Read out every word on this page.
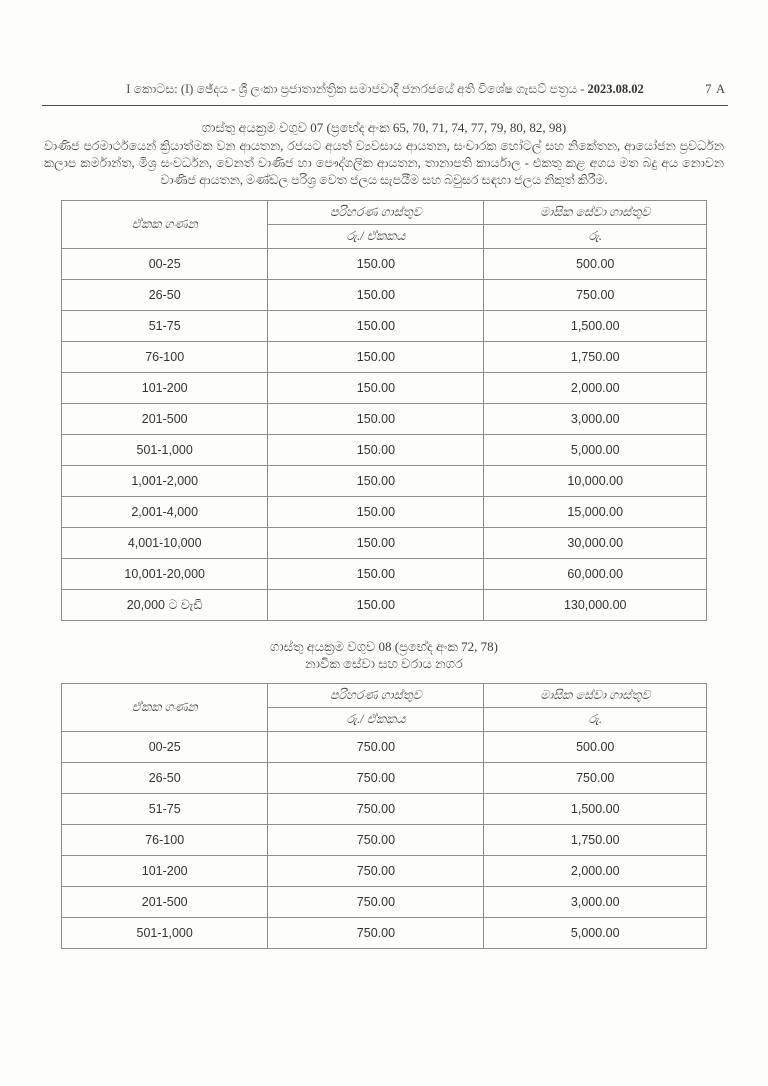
I කොටස: (I) ඡේදය - ශ්‍රී ලංකා ප්‍රජාතාන්ත්‍රික සමාජවාදී ජනරජයේ අති විශේෂ ගැසට් පත්‍රය - 2023.08.02	7 A
ගාස්තු අයක්‍රම වගුව 07 (ප්‍රභේද අංක 65, 70, 71, 74, 77, 79, 80, 82, 98)
වාණිජ පරමාර්ථයෙන් ක්‍රියාත්මක වන ආයතන, රජයට අයත් ව්‍යවසාය ආයතන, සංචාරක හෝටල් සහ නිකේතන, ආයෝජන ප්‍රවර්ධන කලාප කර්මාන්ත, මිශ්‍ර සංවර්ධන, වෙනත් වාණිජ හා පෞද්ගලික ආයතන, තානාපති කාර්යාල - එකතු කළ අගය මත බදු අය නොවන වාණිජ ආයතන, මණ්ඩල පරිශ්‍ර වෙත ජලය සැපයීම සහ බවුසර සඳහා ජලය නිකුත් කිරීම.
ඒකක ගණන	පරිහරණ ගාස්තුව	මාසික සේවා ගාස්තුව
	රු./ ඒකකය	රු.
00-25	150.00	500.00
26-50	150.00	750.00
51-75	150.00	1,500.00
76-100	150.00	1,750.00
101-200	150.00	2,000.00
201-500	150.00	3,000.00
501-1,000	150.00	5,000.00
1,001-2,000	150.00	10,000.00
2,001-4,000	150.00	15,000.00
4,001-10,000	150.00	30,000.00
10,001-20,000	150.00	60,000.00
20,000 ට වැඩි	150.00	130,000.00
ගාස්තු අයක්‍රම වගුව 08 (ප්‍රභේද අංක 72, 78)
නාවික සේවා සහ වරාය නගර
ඒකක ගණන	පරිහරණ ගාස්තුව	මාසික සේවා ගාස්තුව
	රු./ ඒකකය	රු.
00-25	750.00	500.00
26-50	750.00	750.00
51-75	750.00	1,500.00
76-100	750.00	1,750.00
101-200	750.00	2,000.00
201-500	750.00	3,000.00
501-1,000	750.00	5,000.00
